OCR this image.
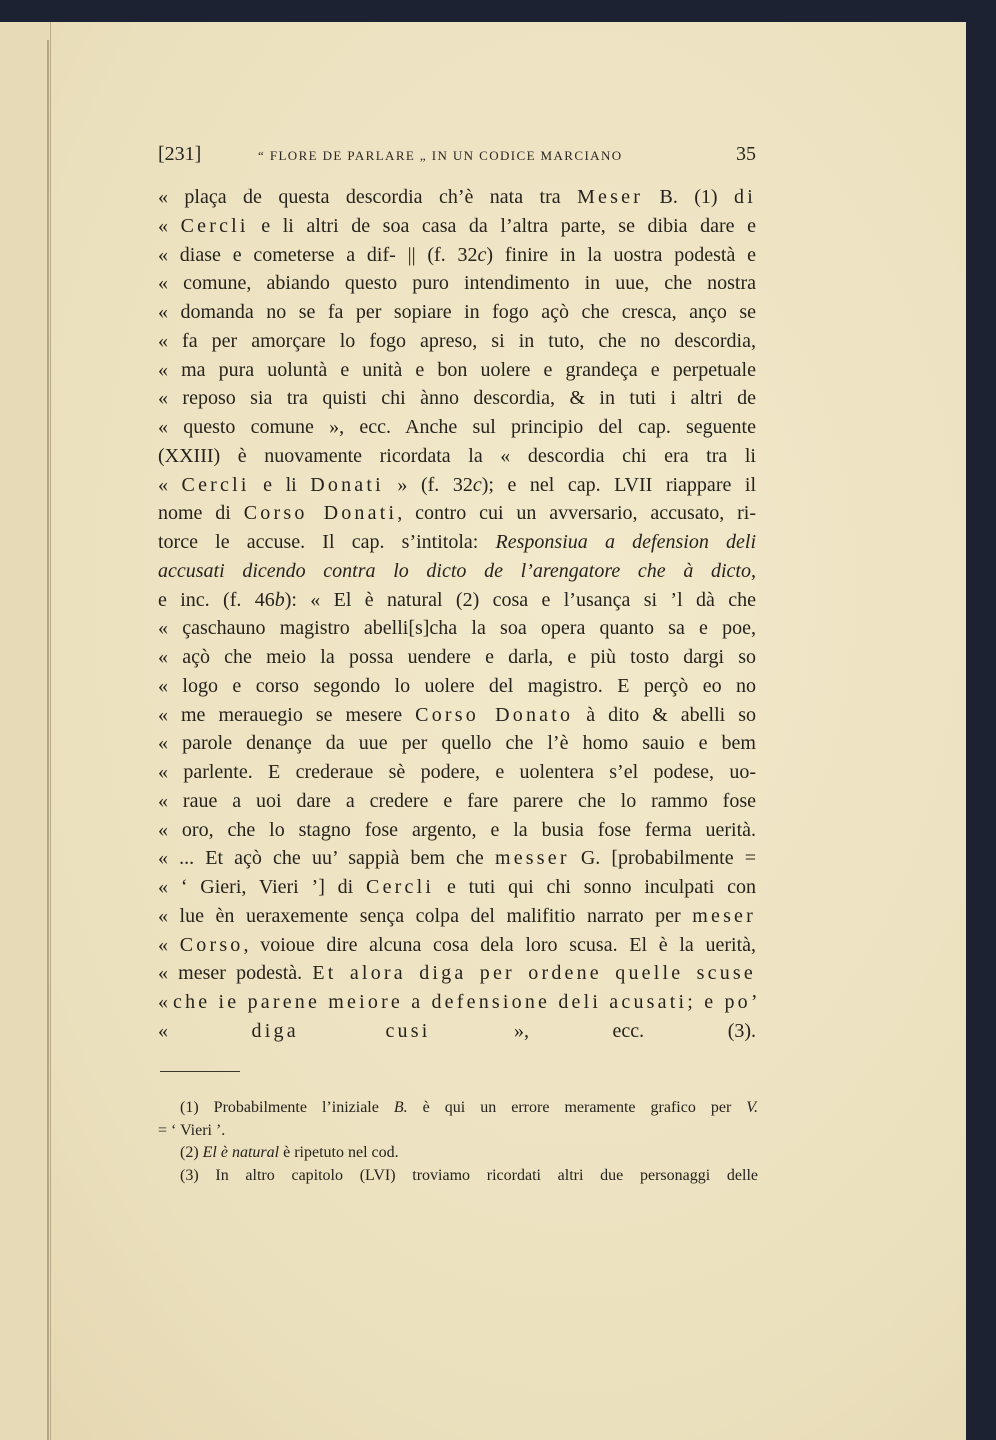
[231]	“ FLORE DE PARLARE „ IN UN CODICE MARCIANO	35
« plaça de questa descordia ch’è nata tra Meser B. (1) di
« Cercli e li altri de soa casa da l’altra parte, se dibia dare e
« diase e cometerse a dif- || (f. 32c) finire in la uostra podestà e
« comune, abiando questo puro intendimento in uue, che nostra
« domanda no se fa per sopiare in fogo açò che cresca, anço se
« fa per amorçare lo fogo apreso, si in tuto, che no descordia,
« ma pura uoluntà e unità e bon uolere e grandeça e perpetuale
« reposo sia tra quisti chi ànno descordia, & in tuti i altri de
« questo comune », ecc. Anche sul principio del cap. seguente
(XXIII) è nuovamente ricordata la « descordia chi era tra li
« Cercli e li Donati » (f. 32c); e nel cap. LVII riappare il
nome di Corso Donati, contro cui un avversario, accusato, ri-
torce le accuse. Il cap. s’intitola: Responsiua a defension deli
accusati dicendo contra lo dicto de l’arengatore che à dicto,
e inc. (f. 46b): « El è natural (2) cosa e l’usança si ’l dà che
« çaschauno magistro abelli[s]cha la soa opera quanto sa e poe,
« açò che meio la possa uendere e darla, e più tosto dargi so
« logo e corso segondo lo uolere del magistro. E perçò eo no
« me merauegio se mesere Corso Donato à dito & abelli so
« parole denançe da uue per quello che l’è homo sauio e bem
« parlente. E crederaue sè podere, e uolentera s’el podese, uo-
« raue a uoi dare a credere e fare parere che lo rammo fose
« oro, che lo stagno fose argento, e la busia fose ferma uerità.
« ... Et açò che uu’ sappià bem che messer G. [probabilmente =
« ‘ Gieri, Vieri ’] di Cercli e tuti qui chi sonno inculpati con
« lue èn ueraxemente sença colpa del malifitio narrato per meser
« Corso, voioue dire alcuna cosa dela loro scusa. El è la uerità,
« meser podestà. Et alora diga per ordene quelle scuse
« che ie parene meiore a defensione deli acusati; e po’
« diga cusi », ecc. (3).
(1) Probabilmente l’iniziale B. è qui un errore meramente grafico per V.
= ‘ Vieri ’.
(2) El è natural è ripetuto nel cod.
(3) In altro capitolo (LVI) troviamo ricordati altri due personaggi delle
